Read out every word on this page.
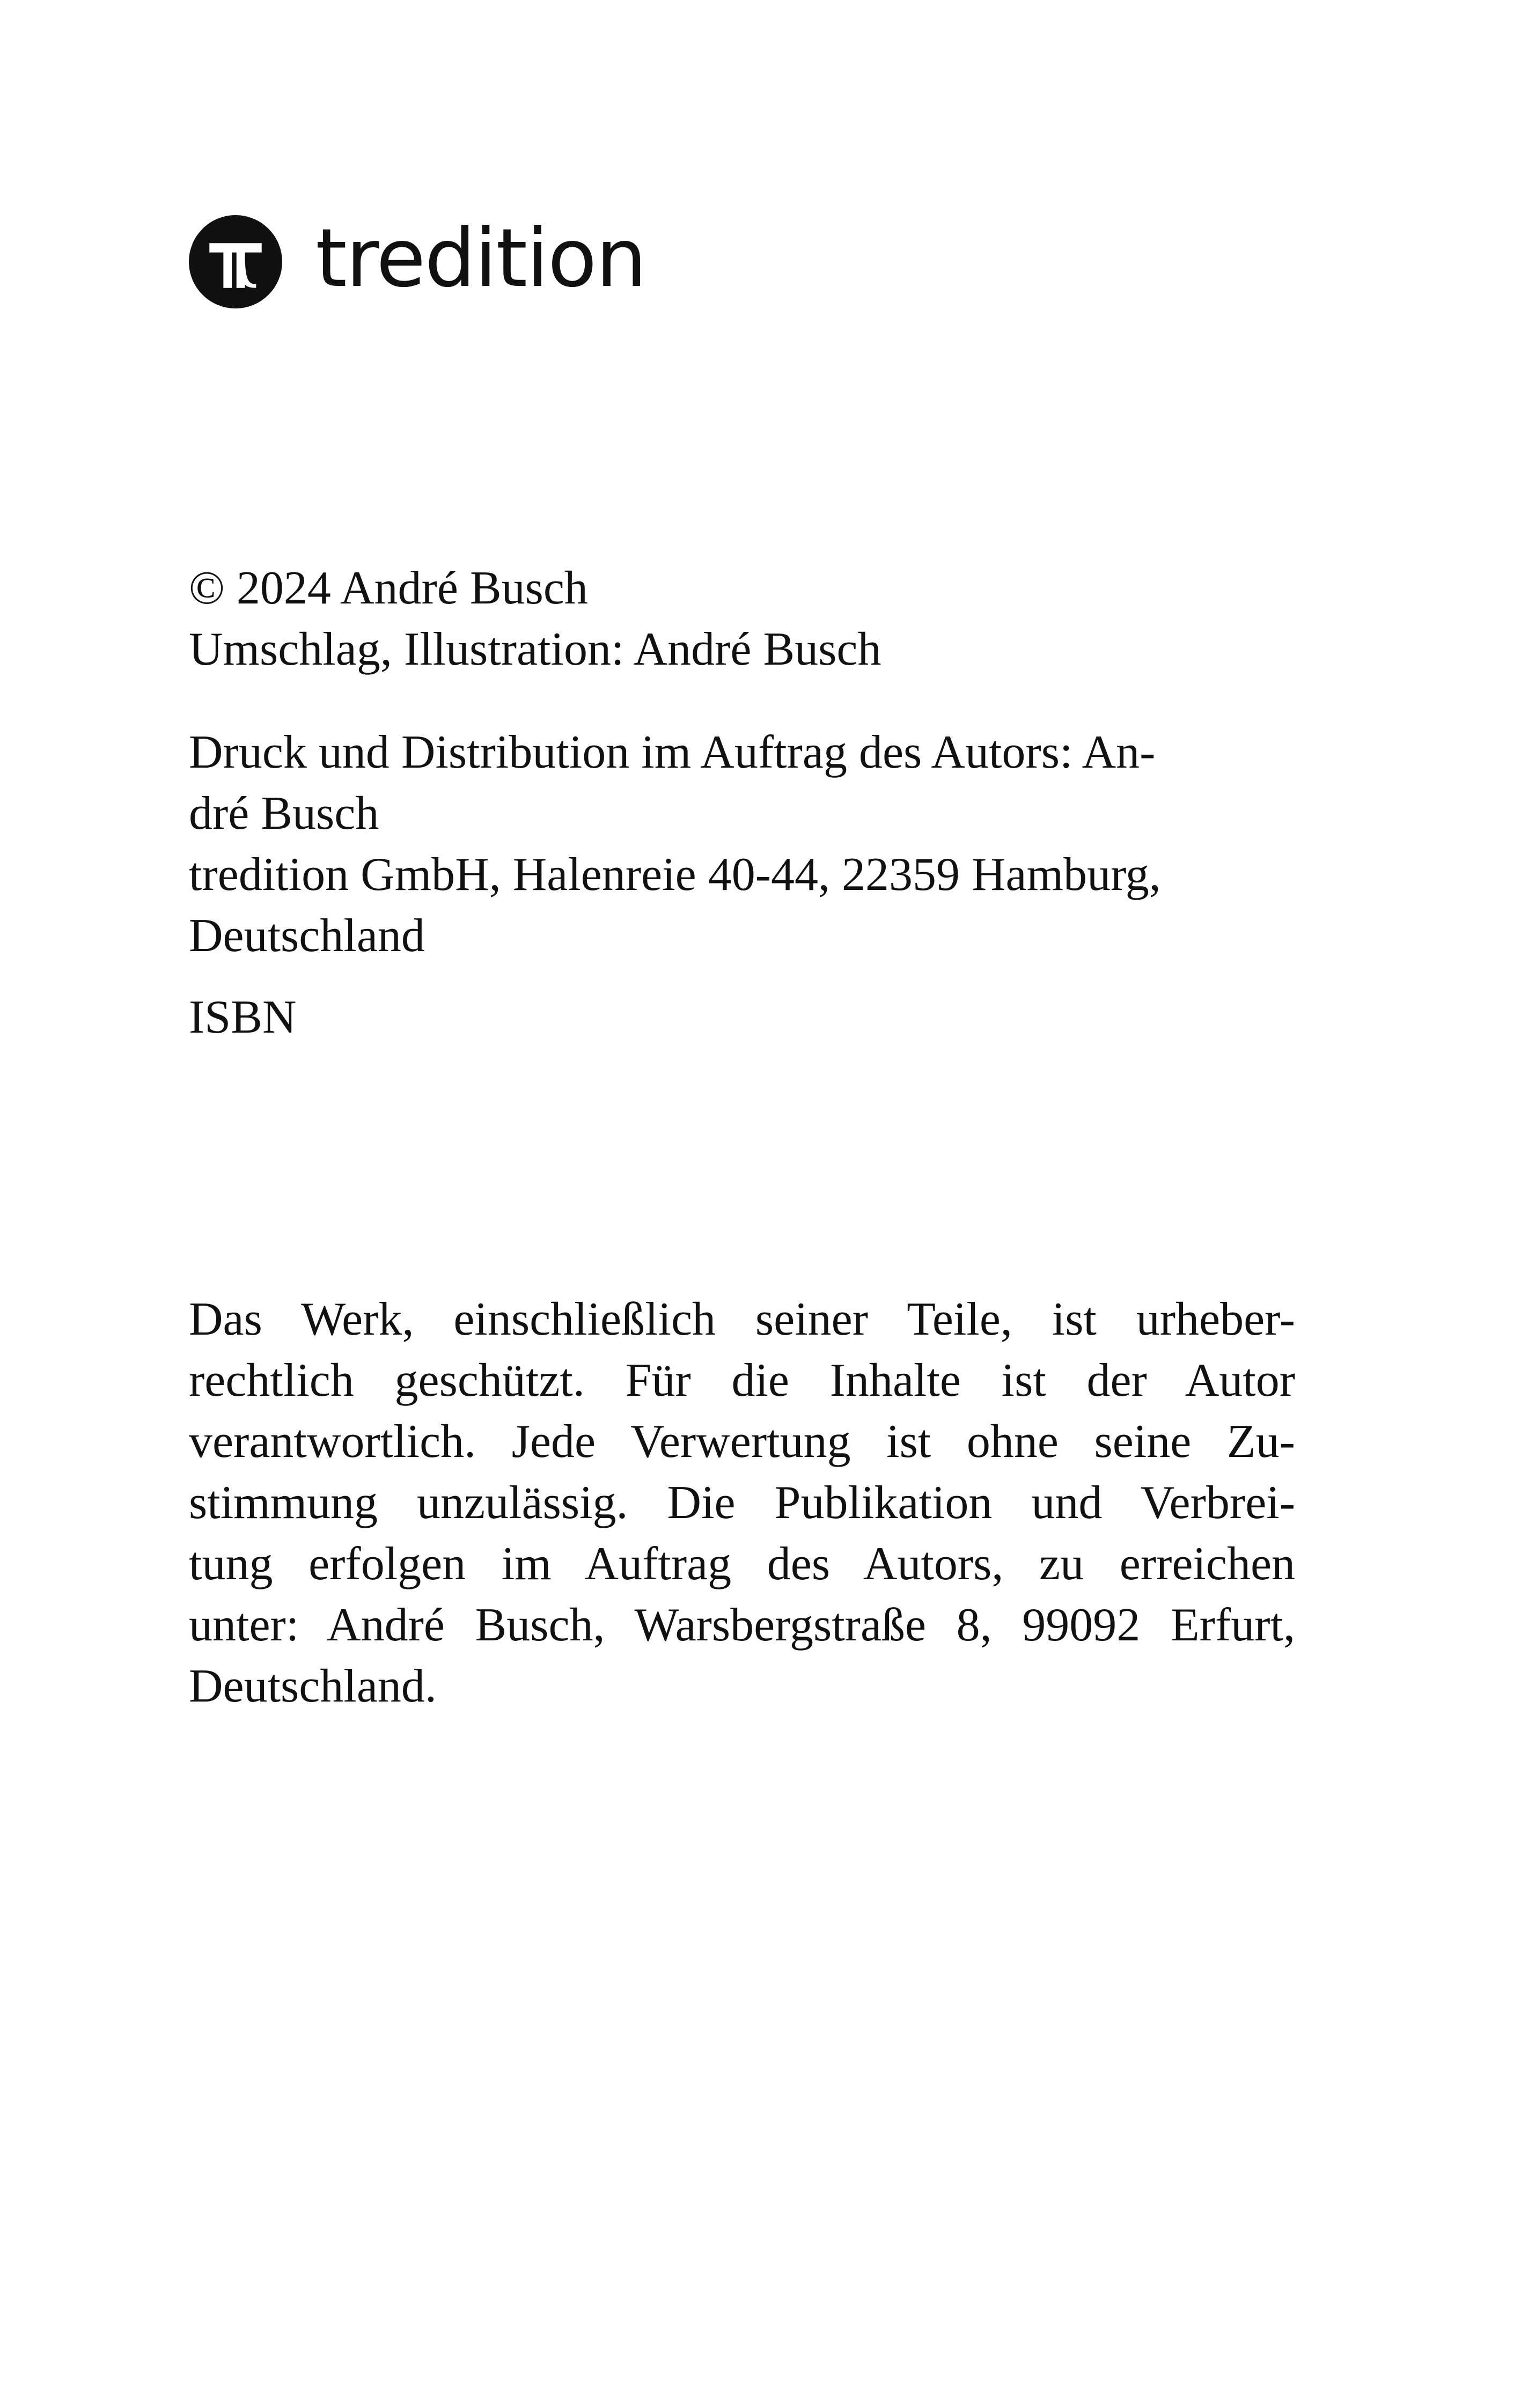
tredition
© 2024 André Busch
Umschlag, Illustration: André Busch
Druck und Distribution im Auftrag des Autors: An-
dré Busch
tredition GmbH, Halenreie 40-44, 22359 Hamburg,
Deutschland
ISBN
Das Werk, einschließlich seiner Teile, ist urheber-
rechtlich geschützt. Für die Inhalte ist der Autor
verantwortlich. Jede Verwertung ist ohne seine Zu-
stimmung unzulässig. Die Publikation und Verbrei-
tung erfolgen im Auftrag des Autors, zu erreichen
unter: André Busch, Warsbergstraße 8, 99092 Erfurt,
Deutschland.
